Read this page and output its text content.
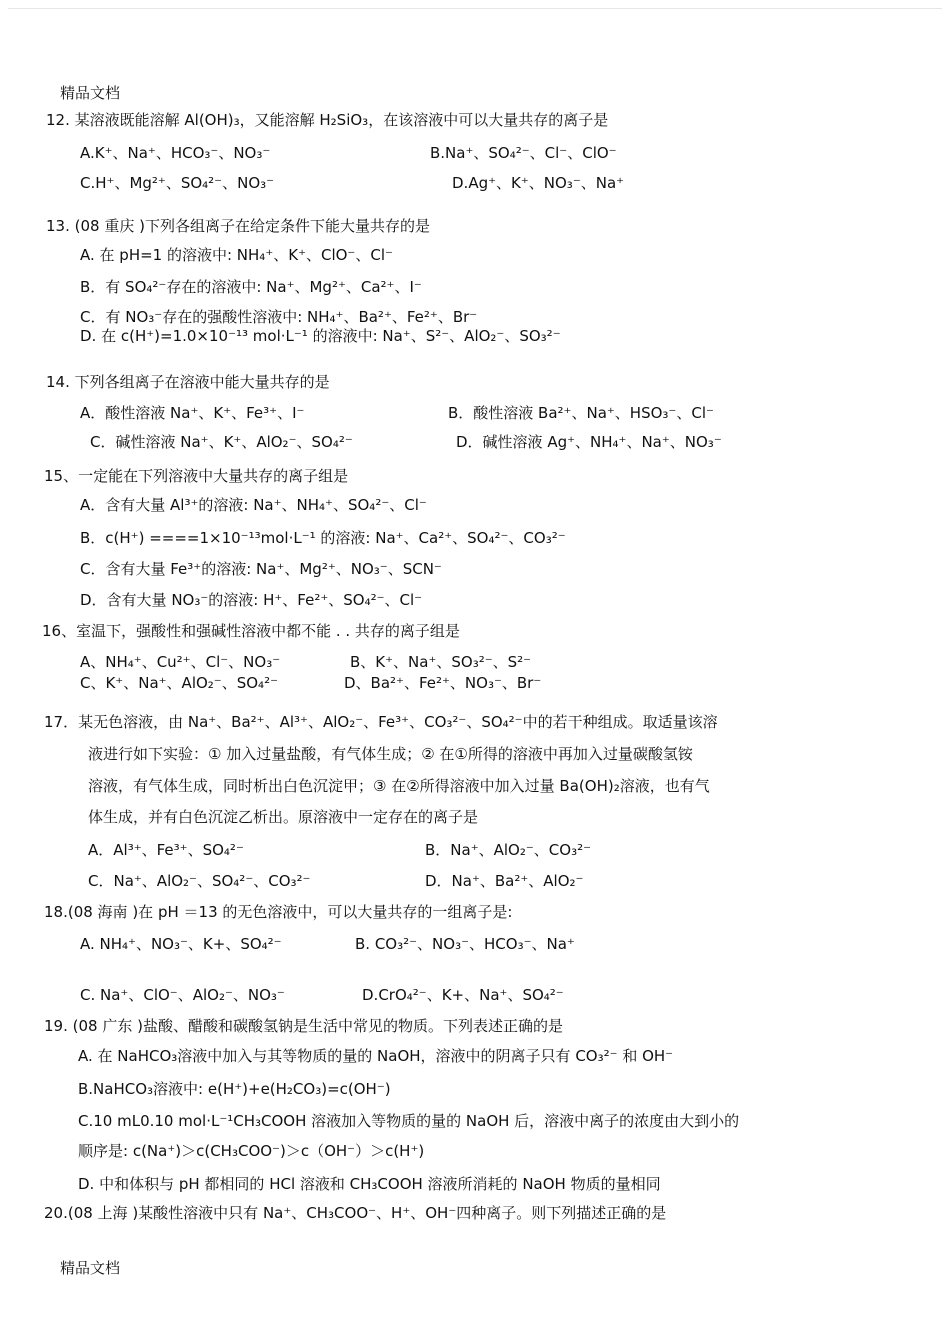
精品文档
12. 某溶液既能溶解 Al(OH)₃，又能溶解 H₂SiO₃，在该溶液中可以大量共存的离子是
A.K⁺、Na⁺、HCO₃⁻、NO₃⁻	B.Na⁺、SO₄²⁻、Cl⁻、ClO⁻
C.H⁺、Mg²⁺、SO₄²⁻、NO₃⁻	D.Ag⁺、K⁺、NO₃⁻、Na⁺
13. (08 重庆 )下列各组离子在给定条件下能大量共存的是
A. 在 pH=1 的溶液中: NH₄⁺、K⁺、ClO⁻、Cl⁻
B．有 SO₄²⁻存在的溶液中: Na⁺、Mg²⁺、Ca²⁺、I⁻
C．有 NO₃⁻存在的强酸性溶液中: NH₄⁺、Ba²⁺、Fe²⁺、Br⁻
D. 在 c(H⁺)=1.0×10⁻¹³ mol·L⁻¹ 的溶液中: Na⁺、S²⁻、AlO₂⁻、SO₃²⁻
14. 下列各组离子在溶液中能大量共存的是
A．酸性溶液 Na⁺、K⁺、Fe³⁺、I⁻	B．酸性溶液 Ba²⁺、Na⁺、HSO₃⁻、Cl⁻
C．碱性溶液 Na⁺、K⁺、AlO₂⁻、SO₄²⁻	D．碱性溶液 Ag⁺、NH₄⁺、Na⁺、NO₃⁻
15、一定能在下列溶液中大量共存的离子组是
A．含有大量 Al³⁺的溶液: Na⁺、NH₄⁺、SO₄²⁻、Cl⁻
B．c(H⁺) ====1×10⁻¹³mol·L⁻¹ 的溶液: Na⁺、Ca²⁺、SO₄²⁻、CO₃²⁻
C．含有大量 Fe³⁺的溶液: Na⁺、Mg²⁺、NO₃⁻、SCN⁻
D．含有大量 NO₃⁻的溶液: H⁺、Fe²⁺、SO₄²⁻、Cl⁻
16、室温下，强酸性和强碱性溶液中都不能 . . 共存的离子组是
A、NH₄⁺、Cu²⁺、Cl⁻、NO₃⁻	B、K⁺、Na⁺、SO₃²⁻、S²⁻
C、K⁺、Na⁺、AlO₂⁻、SO₄²⁻	D、Ba²⁺、Fe²⁺、NO₃⁻、Br⁻
17．某无色溶液，由 Na⁺、Ba²⁺、Al³⁺、AlO₂⁻、Fe³⁺、CO₃²⁻、SO₄²⁻中的若干种组成。取适量该溶
液进行如下实验：① 加入过量盐酸，有气体生成；② 在①所得的溶液中再加入过量碳酸氢铵
溶液，有气体生成，同时析出白色沉淀甲；③ 在②所得溶液中加入过量 Ba(OH)₂溶液，也有气
体生成，并有白色沉淀乙析出。原溶液中一定存在的离子是
A．Al³⁺、Fe³⁺、SO₄²⁻	B．Na⁺、AlO₂⁻、CO₃²⁻
C．Na⁺、AlO₂⁻、SO₄²⁻、CO₃²⁻	D．Na⁺、Ba²⁺、AlO₂⁻
18.(08 海南 )在 pH ＝13 的无色溶液中，可以大量共存的一组离子是:
A. NH₄⁺、NO₃⁻、K+、SO₄²⁻	B. CO₃²⁻、NO₃⁻、HCO₃⁻、Na⁺
C. Na⁺、ClO⁻、AlO₂⁻、NO₃⁻	D.CrO₄²⁻、K+、Na⁺、SO₄²⁻
19. (08 广东 )盐酸、醋酸和碳酸氢钠是生活中常见的物质。下列表述正确的是
A. 在 NaHCO₃溶液中加入与其等物质的量的 NaOH，溶液中的阴离子只有 CO₃²⁻ 和 OH⁻
B.NaHCO₃溶液中: e(H⁺)+e(H₂CO₃)=c(OH⁻)
C.10 mL0.10 mol·L⁻¹CH₃COOH 溶液加入等物质的量的 NaOH 后，溶液中离子的浓度由大到小的
顺序是: c(Na⁺)＞c(CH₃COO⁻)＞c（OH⁻）＞c(H⁺)
D. 中和体积与 pH 都相同的 HCl 溶液和 CH₃COOH 溶液所消耗的 NaOH 物质的量相同
20.(08 上海 )某酸性溶液中只有 Na⁺、CH₃COO⁻、H⁺、OH⁻四种离子。则下列描述正确的是
精品文档
